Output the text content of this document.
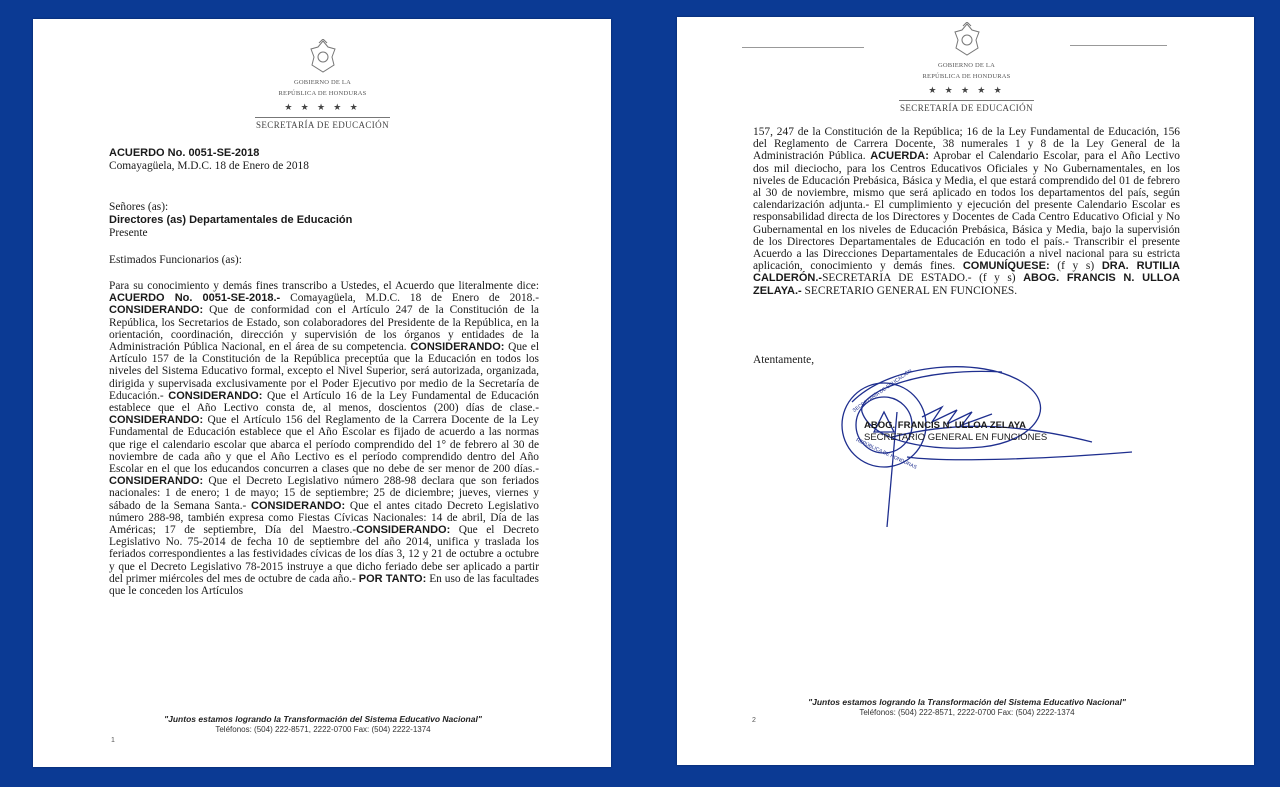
GOBIERNO DE LA
REPÚBLICA DE HONDURAS
★ ★ ★ ★ ★
SECRETARÍA DE EDUCACIÓN
ACUERDO No. 0051-SE-2018
Comayagüela, M.D.C. 18 de Enero de 2018
Señores (as):
Directores (as) Departamentales de Educación
Presente
Estimados Funcionarios (as):
Para su conocimiento y demás fines transcribo a Ustedes, el Acuerdo que literalmente dice: ACUERDO No. 0051-SE-2018.- Comayagüela, M.D.C. 18 de Enero de 2018.- CONSIDERANDO: Que de conformidad con el Artículo 247 de la Constitución de la República, los Secretarios de Estado, son colaboradores del Presidente de la República, en la orientación, coordinación, dirección y supervisión de los órganos y entidades de la Administración Pública Nacional, en el área de su competencia. CONSIDERANDO: Que el Artículo 157 de la Constitución de la República preceptúa que la Educación en todos los niveles del Sistema Educativo formal, excepto el Nivel Superior, será autorizada, organizada, dirigida y supervisada exclusivamente por el Poder Ejecutivo por medio de la Secretaría de Educación.- CONSIDERANDO: Que el Artículo 16 de la Ley Fundamental de Educación establece que el Año Lectivo consta de, al menos, doscientos (200) días de clase.- CONSIDERANDO: Que el Artículo 156 del Reglamento de la Carrera Docente de la Ley Fundamental de Educación establece que el Año Escolar es fijado de acuerdo a las normas que rige el calendario escolar que abarca el período comprendido del 1° de febrero al 30 de noviembre de cada año y que el Año Lectivo es el período comprendido dentro del Año Escolar en el que los educandos concurren a clases que no debe de ser menor de 200 días.- CONSIDERANDO: Que el Decreto Legislativo número 288-98 declara que son feriados nacionales: 1 de enero; 1 de mayo; 15 de septiembre; 25 de diciembre; jueves, viernes y sábado de la Semana Santa.- CONSIDERANDO: Que el antes citado Decreto Legislativo número 288-98, también expresa como Fiestas Cívicas Nacionales: 14 de abril, Día de las Américas; 17 de septiembre, Día del Maestro.-CONSIDERANDO: Que el Decreto Legislativo No. 75-2014 de fecha 10 de septiembre del año 2014, unifica y traslada los feriados correspondientes a las festividades cívicas de los días 3, 12 y 21 de octubre a octubre y que el Decreto Legislativo 78-2015 instruye a que dicho feriado debe ser aplicado a partir del primer miércoles del mes de octubre de cada año.- POR TANTO: En uso de las facultades que le conceden los Artículos
"Juntos estamos logrando la Transformación del Sistema Educativo Nacional"
Teléfonos: (504) 222-8571, 2222-0700 Fax: (504) 2222-1374
1
GOBIERNO DE LA
REPÚBLICA DE HONDURAS
★ ★ ★ ★ ★
SECRETARÍA DE EDUCACIÓN
157, 247 de la Constitución de la República; 16 de la Ley Fundamental de Educación, 156 del Reglamento de Carrera Docente, 38 numerales 1 y 8 de la Ley General de la Administración Pública. ACUERDA: Aprobar el Calendario Escolar, para el Año Lectivo dos mil dieciocho, para los Centros Educativos Oficiales y No Gubernamentales, en los niveles de Educación Prebásica, Básica y Media, el que estará comprendido del 01 de febrero al 30 de noviembre, mismo que será aplicado en todos los departamentos del país, según calendarización adjunta.- El cumplimiento y ejecución del presente Calendario Escolar es responsabilidad directa de los Directores y Docentes de Cada Centro Educativo Oficial y No Gubernamental en los niveles de Educación Prebásica, Básica y Media, bajo la supervisión de los Directores Departamentales de Educación en todo el país.- Transcribir el presente Acuerdo a las Direcciones Departamentales de Educación a nivel nacional para su estricta aplicación, conocimiento y demás fines. COMUNÍQUESE: (f y s) DRA. RUTILIA CALDERÓN.-SECRETARIA DE ESTADO.- (f y s) ABOG. FRANCIS N. ULLOA ZELAYA.- SECRETARIO GENERAL EN FUNCIONES.
Atentamente,
ABOG. FRANCIS N. ULLOA ZELAYA
SECRETARIO GENERAL EN FUNCIONES
SECRETARÍA DE EDUCACIÓN
REPÚBLICA DE HONDURAS
"Juntos estamos logrando la Transformación del Sistema Educativo Nacional"
Teléfonos: (504) 222-8571, 2222-0700 Fax: (504) 2222-1374
2
